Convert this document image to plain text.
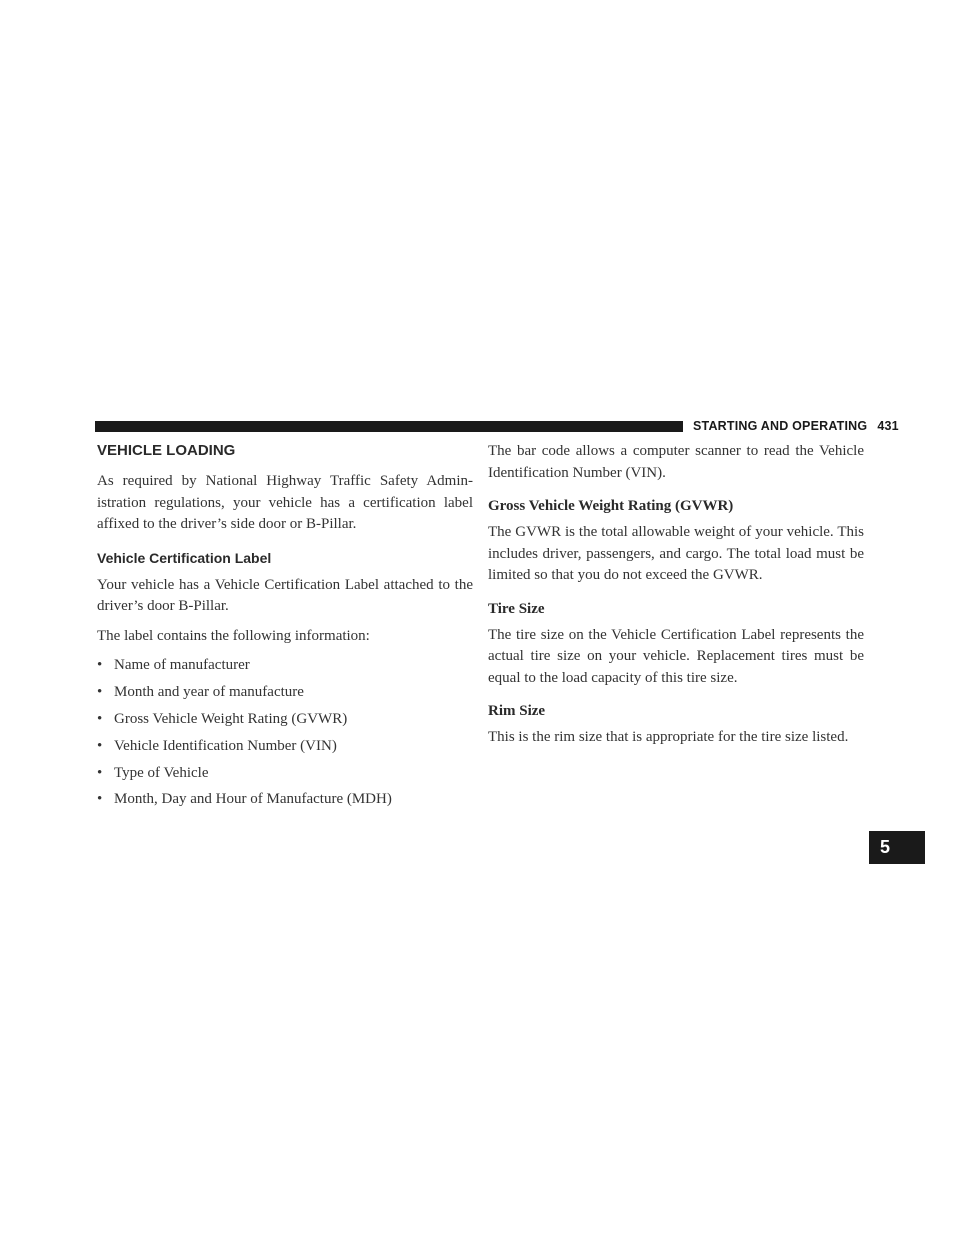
STARTING AND OPERATING 431
5
VEHICLE LOADING

As required by National Highway Traffic Safety Admin-istration regulations, your vehicle has a certification label affixed to the driver’s side door or B-Pillar.

Vehicle Certification Label

Your vehicle has a Vehicle Certification Label attached to the driver’s door B-Pillar.

The label contains the following information:

• Name of manufacturer
• Month and year of manufacture
• Gross Vehicle Weight Rating (GVWR)
• Vehicle Identification Number (VIN)
• Type of Vehicle
• Month, Day and Hour of Manufacture (MDH)

The bar code allows a computer scanner to read the Vehicle Identification Number (VIN).

Gross Vehicle Weight Rating (GVWR)

The GVWR is the total allowable weight of your vehicle. This includes driver, passengers, and cargo. The total load must be limited so that you do not exceed the GVWR.

Tire Size

The tire size on the Vehicle Certification Label represents the actual tire size on your vehicle. Replacement tires must be equal to the load capacity of this tire size.

Rim Size

This is the rim size that is appropriate for the tire size listed.
